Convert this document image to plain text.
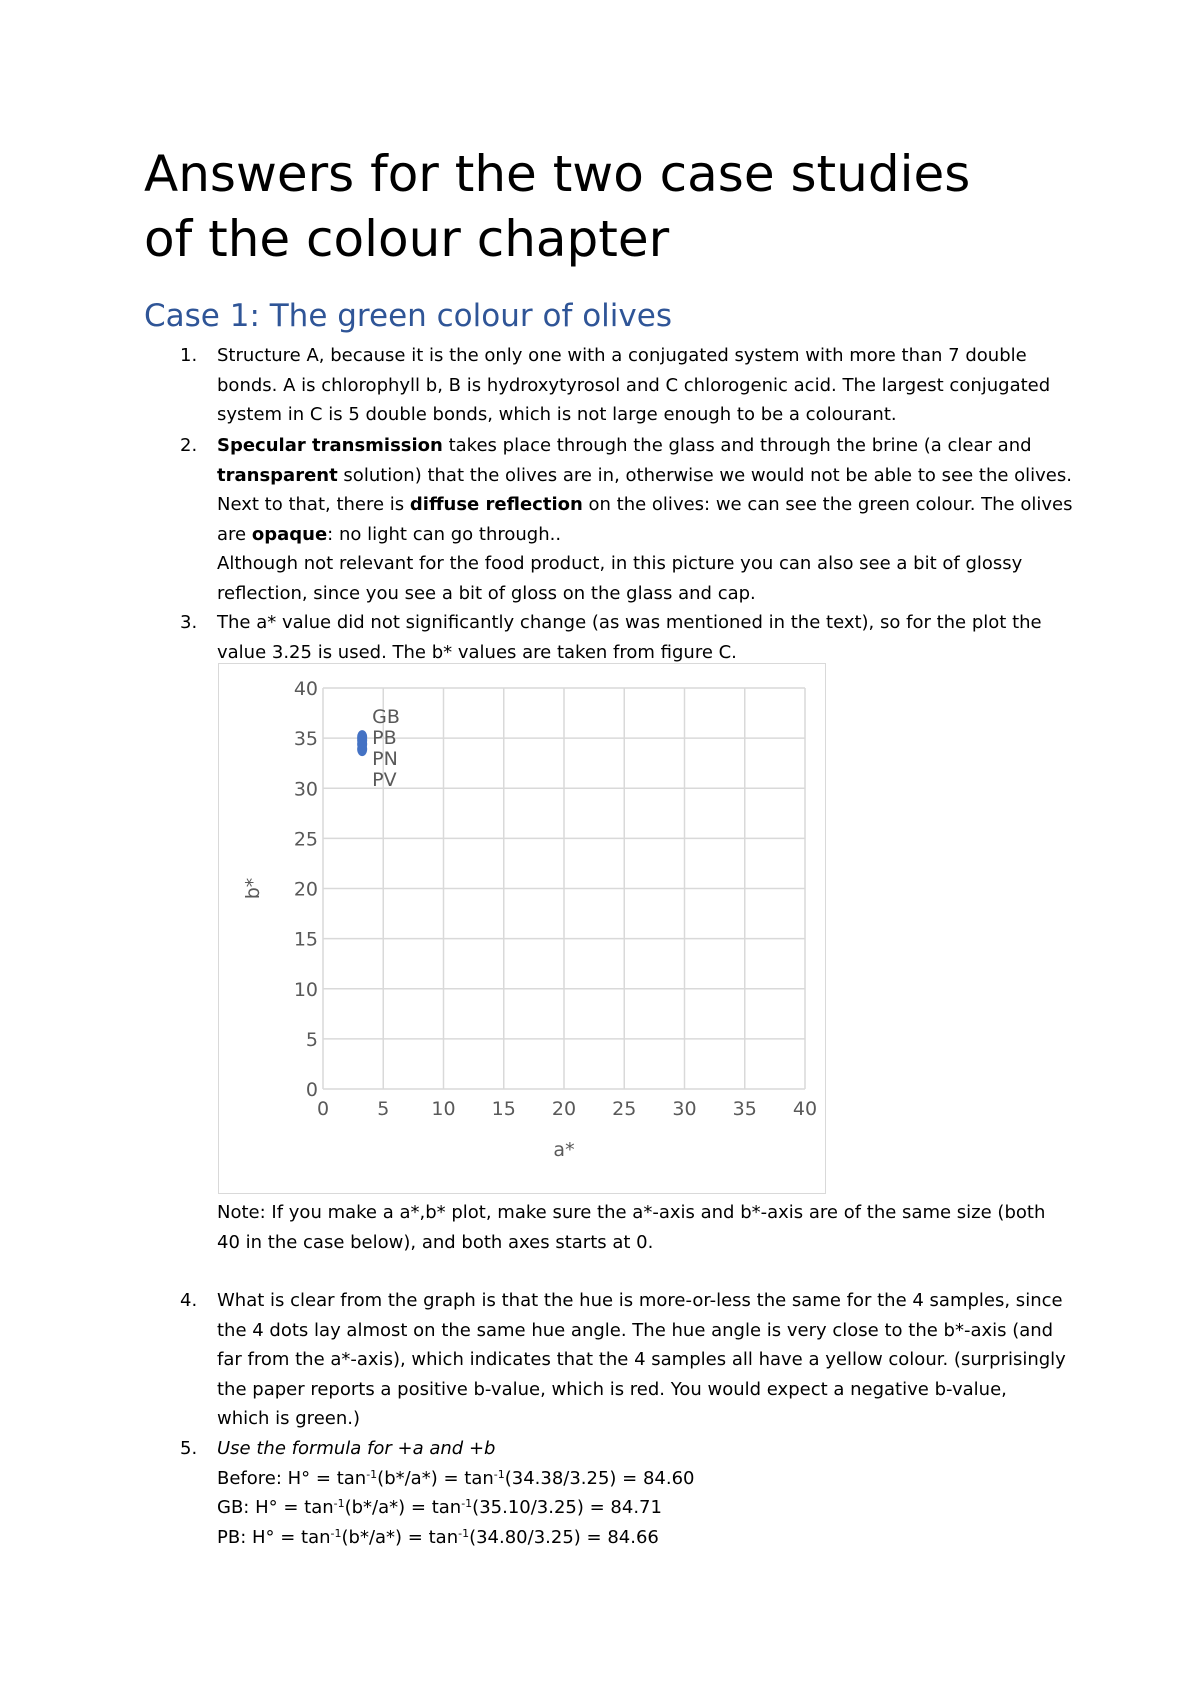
Answers for the two case studies
of the colour chapter
Case 1: The green colour of olives
1.	Structure A, because it is the only one with a conjugated system with more than 7 double
bonds. A is chlorophyll b, B is hydroxytyrosol and C chlorogenic acid. The largest conjugated
system in C is 5 double bonds, which is not large enough to be a colourant.
2.	Specular transmission takes place through the glass and through the brine (a clear and
transparent solution) that the olives are in, otherwise we would not be able to see the olives.
Next to that, there is diffuse reflection on the olives: we can see the green colour. The olives
are opaque: no light can go through..
Although not relevant for the food product, in this picture you can also see a bit of glossy
reflection, since you see a bit of gloss on the glass and cap.
3.	The a* value did not significantly change (as was mentioned in the text), so for the plot the
value 3.25 is used. The b* values are taken from figure C.
0	5 10 15 20 25 30 35 40
0
5
10
15
20
25
30
35
40
a*
b*
GB
PB
PN
PV
Note: If you make a a*,b* plot, make sure the a*-axis and b*-axis are of the same size (both
40 in the case below), and both axes starts at 0.
4.	What is clear from the graph is that the hue is more-or-less the same for the 4 samples, since
the 4 dots lay almost on the same hue angle. The hue angle is very close to the b*-axis (and
far from the a*-axis), which indicates that the 4 samples all have a yellow colour. (surprisingly
the paper reports a positive b-value, which is red. You would expect a negative b-value,
which is green.)
5.	Use the formula for +a and +b
Before: $H^\circ = \tan^{-1}(b*/a*) = \tan^{-1}(34.38/3.25) = 84.60$
GB: $H^\circ = \tan^{-1}(b*/a*) = \tan^{-1}(35.10/3.25) = 84.71$
PB: $H^\circ = \tan^{-1}(b*/a*) = \tan^{-1}(34.80/3.25) = 84.66$
